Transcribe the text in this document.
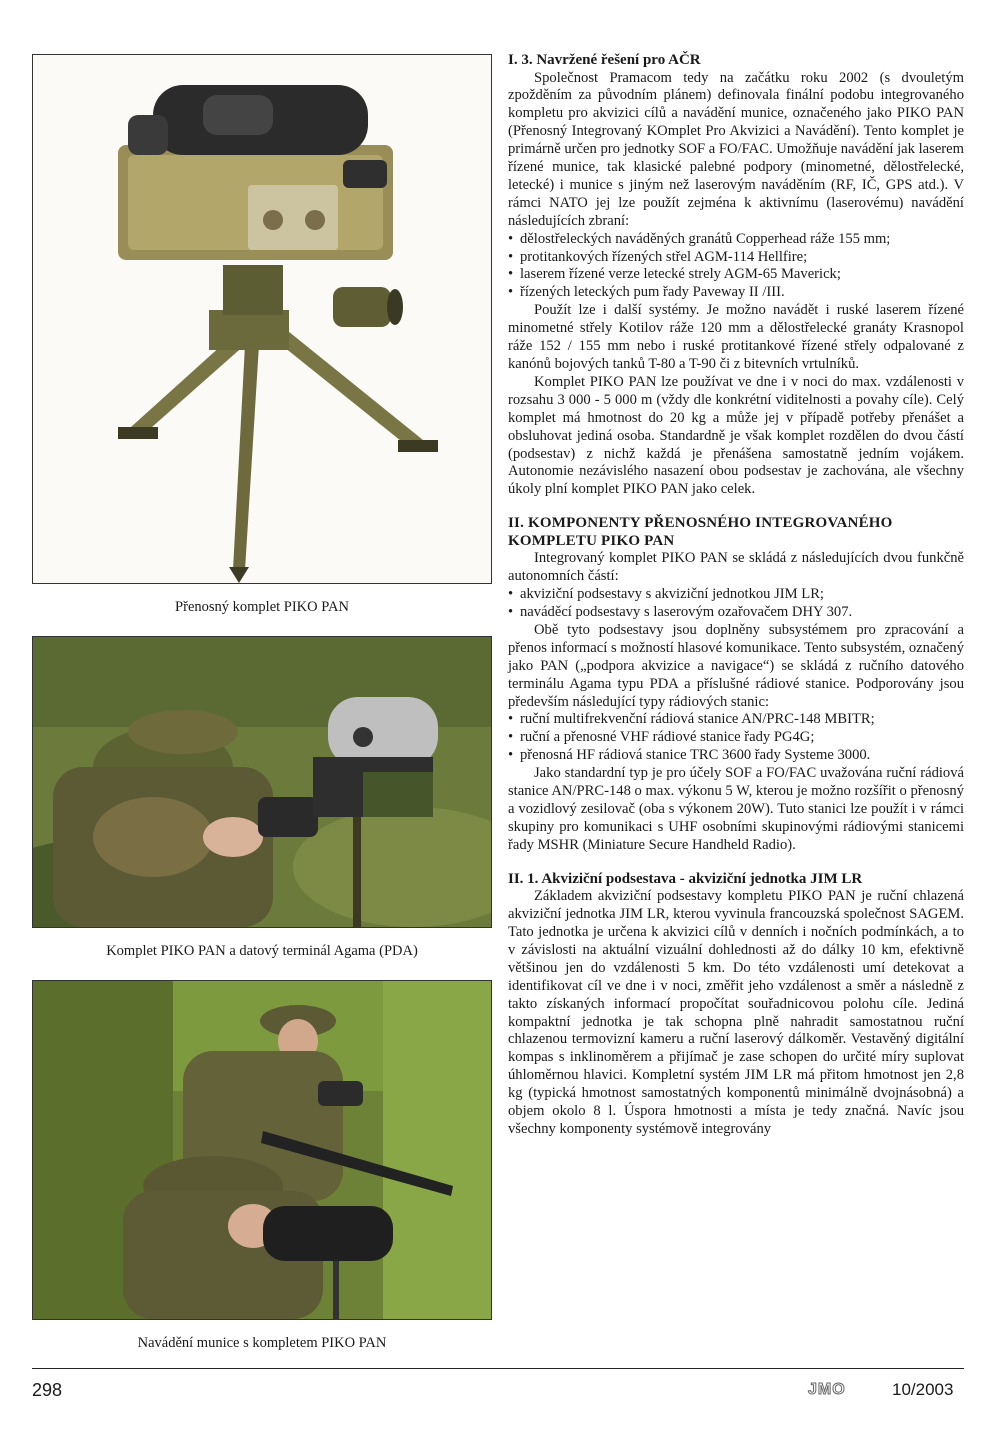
Přenosný komplet PIKO PAN
Komplet PIKO PAN a datový terminál Agama (PDA)
Navádění munice s kompletem PIKO PAN
I. 3. Navržené řešení pro AČR

Společnost Pramacom tedy na začátku roku 2002 (s dvouletým zpožděním za původním plánem) definovala finální podobu integrovaného kompletu pro akvizici cílů a navádění munice, označeného jako PIKO PAN (Přenosný Integrovaný KOmplet Pro Akvizici a Navádění). Tento komplet je primárně určen pro jednotky SOF a FO/FAC. Umožňuje navádění jak laserem řízené munice, tak klasické palebné podpory (minometné, dělostřelecké, letecké) i munice s jiným než laserovým naváděním (RF, IČ, GPS atd.). V rámci NATO jej lze použít zejména k aktivnímu (laserovému) navádění následujících zbraní:

• dělostřeleckých naváděných granátů Copperhead ráže 155 mm;
• protitankových řízených střel AGM-114 Hellfire;
• laserem řízené verze letecké strely AGM-65 Maverick;
• řízených leteckých pum řady Paveway II /III.

Použít lze i další systémy. Je možno navádět i ruské laserem řízené minometné střely Kotilov ráže 120 mm a dělostřelecké granáty Krasnopol ráže 152 / 155 mm nebo i ruské protitankové řízené střely odpalované z kanónů bojových tanků T-80 a T-90 či z bitevních vrtulníků.

Komplet PIKO PAN lze používat ve dne i v noci do max. vzdálenosti v rozsahu 3 000 - 5 000 m (vždy dle konkrétní viditelnosti a povahy cíle). Celý komplet má hmotnost do 20 kg a může jej v případě potřeby přenášet a obsluhovat jediná osoba. Standardně je však komplet rozdělen do dvou částí (podsestav) z nichž každá je přenášena samostatně jedním vojákem. Autonomie nezávislého nasazení obou podsestav je zachována, ale všechny úkoly plní komplet PIKO PAN jako celek.

II. KOMPONENTY PŘENOSNÉHO INTEGROVANÉHO KOMPLETU PIKO PAN

Integrovaný komplet PIKO PAN se skládá z následujících dvou funkčně autonomních částí:

• akviziční podsestavy s akviziční jednotkou JIM LR;
• naváděcí podsestavy s laserovým ozařovačem DHY 307.

Obě tyto podsestavy jsou doplněny subsystémem pro zpracování a přenos informací s možností hlasové komunikace. Tento subsystém, označený jako PAN („podpora akvizice a navigace“) se skládá z ručního datového terminálu Agama typu PDA a příslušné rádiové stanice. Podporovány jsou především následující typy rádiových stanic:

• ruční multifrekvenční rádiová stanice AN/PRC-148 MBITR;
• ruční a přenosné VHF rádiové stanice řady PG4G;
• přenosná HF rádiová stanice TRC 3600 řady Systeme 3000.

Jako standardní typ je pro účely SOF a FO/FAC uvažována ruční rádiová stanice AN/PRC-148 o max. výkonu 5 W, kterou je možno rozšířit o přenosný a vozidlový zesilovač (oba s výkonem 20W). Tuto stanici lze použít i v rámci skupiny pro komunikaci s UHF osobními skupinovými rádiovými stanicemi řady MSHR (Miniature Secure Handheld Radio).

II. 1. Akviziční podsestava - akviziční jednotka JIM LR

Základem akviziční podsestavy kompletu PIKO PAN je ruční chlazená akviziční jednotka JIM LR, kterou vyvinula francouzská společnost SAGEM. Tato jednotka je určena k akvizici cílů v denních i nočních podmínkách, a to v závislosti na aktuální vizuální dohlednosti až do dálky 10 km, efektivně většinou jen do vzdálenosti 5 km. Do této vzdálenosti umí detekovat a identifikovat cíl ve dne i v noci, změřit jeho vzdálenost a směr a následně z takto získaných informací propočítat souřadnicovou polohu cíle. Jediná kompaktní jednotka je tak schopna plně nahradit samostatnou ruční chlazenou termovizní kameru a ruční laserový dálkoměr. Vestavěný digitální kompas s inklinoměrem a přijímač je zase schopen do určité míry suplovat úhloměrnou hlavici. Kompletní systém JIM LR má přitom hmotnost jen 2,8 kg (typická hmotnost samostatných komponentů minimálně dvojnásobná) a objem okolo 8 l. Úspora hmotnosti a místa je tedy značná. Navíc jsou všechny komponenty systémově integrovány

298	JMO	10/2003
